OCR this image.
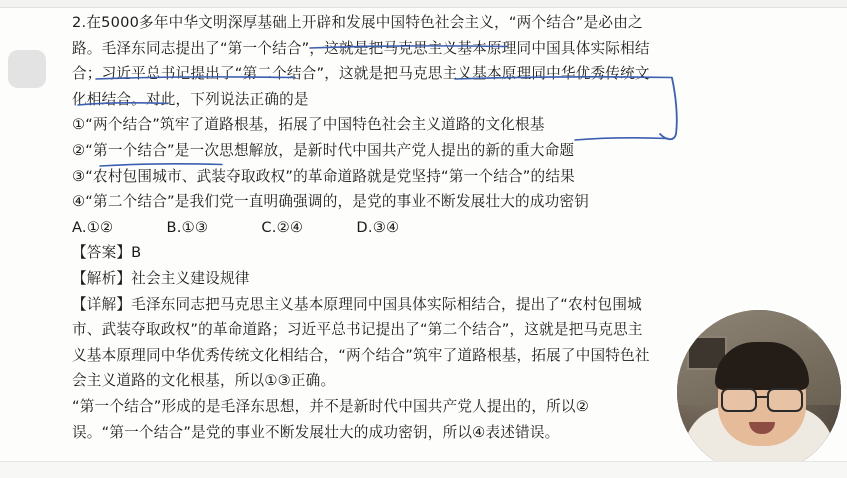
2.在5000多年中华文明深厚基础上开辟和发展中国特色社会主义，“两个结合”是必由之

路。毛泽东同志提出了“第一个结合”，这就是把马克思主义基本原理同中国具体实际相结

合；习近平总书记提出了“第二个结合”，这就是把马克思主义基本原理同中华优秀传统文

化相结合。对此，下列说法正确的是

①“两个结合”筑牢了道路根基，拓展了中国特色社会主义道路的文化根基

②“第一个结合”是一次思想解放，是新时代中国共产党人提出的新的重大命题

③“农村包围城市、武装夺取政权”的革命道路就是党坚持“第一个结合”的结果

④“第二个结合”是我们党一直明确强调的，是党的事业不断发展壮大的成功密钥

A.①②           B.①③           C.②④           D.③④

【答案】B

【解析】社会主义建设规律

【详解】毛泽东同志把马克思主义基本原理同中国具体实际相结合，提出了“农村包围城

市、武装夺取政权”的革命道路；习近平总书记提出了“第二个结合”，这就是把马克思主

义基本原理同中华优秀传统文化相结合，“两个结合”筑牢了道路根基，拓展了中国特色社

会主义道路的文化根基，所以①③正确。

“第一个结合”形成的是毛泽东思想，并不是新时代中国共产党人提出的，所以②

误。“第一个结合”是党的事业不断发展壮大的成功密钥，所以④表述错误。
